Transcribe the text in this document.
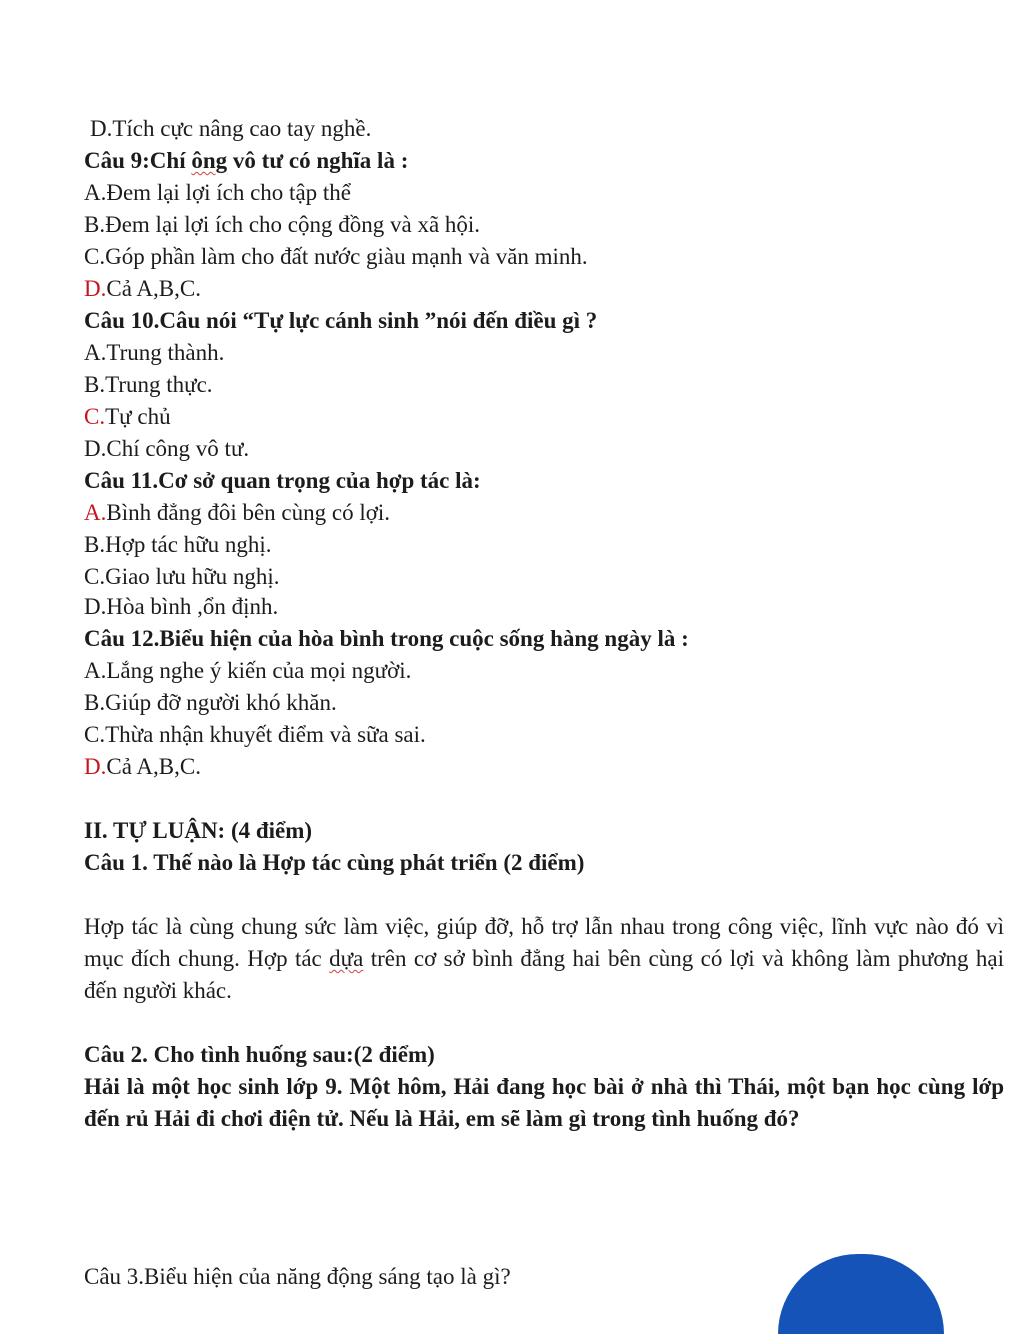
D.Tích cực nâng cao tay nghề.
Câu 9:Chí ông vô tư có nghĩa là :
A.Đem lại lợi ích cho tập thể
B.Đem lại lợi ích cho cộng đồng và xã hội.
C.Góp phần làm cho đất nước giàu mạnh và văn minh.
D.Cả A,B,C.
Câu 10.Câu nói “Tự lực cánh sinh ”nói đến điều gì ?
A.Trung thành.
B.Trung thực.
C.Tự chủ
D.Chí công vô tư.
Câu 11.Cơ sở quan trọng của hợp tác là:
A.Bình đẳng đôi bên cùng có lợi.
B.Hợp tác hữu nghị.
C.Giao lưu hữu nghị.
D.Hòa bình ,ổn định.
Câu 12.Biểu hiện của hòa bình trong cuộc sống hàng ngày là :
A.Lắng nghe ý kiến của mọi người.
B.Giúp đỡ người khó khăn.
C.Thừa nhận khuyết điểm và sữa sai.
D.Cả A,B,C.
II. TỰ LUẬN: (4 điểm)
Câu 1. Thế nào là Hợp tác cùng phát triển (2 điểm)
Hợp tác là cùng chung sức làm việc, giúp đỡ, hỗ trợ lẫn nhau trong công việc, lĩnh vực nào đó vì mục đích chung. Hợp tác dựa trên cơ sở bình đẳng hai bên cùng có lợi và không làm phương hại đến người khác.
Câu 2. Cho tình huống sau:(2 điểm)
Hải là một học sinh lớp 9. Một hôm, Hải đang học bài ở nhà thì Thái, một bạn học cùng lớp đến rủ Hải đi chơi điện tử. Nếu là Hải, em sẽ làm gì trong tình huống đó?
Câu 3.Biểu hiện của năng động sáng tạo là gì?
